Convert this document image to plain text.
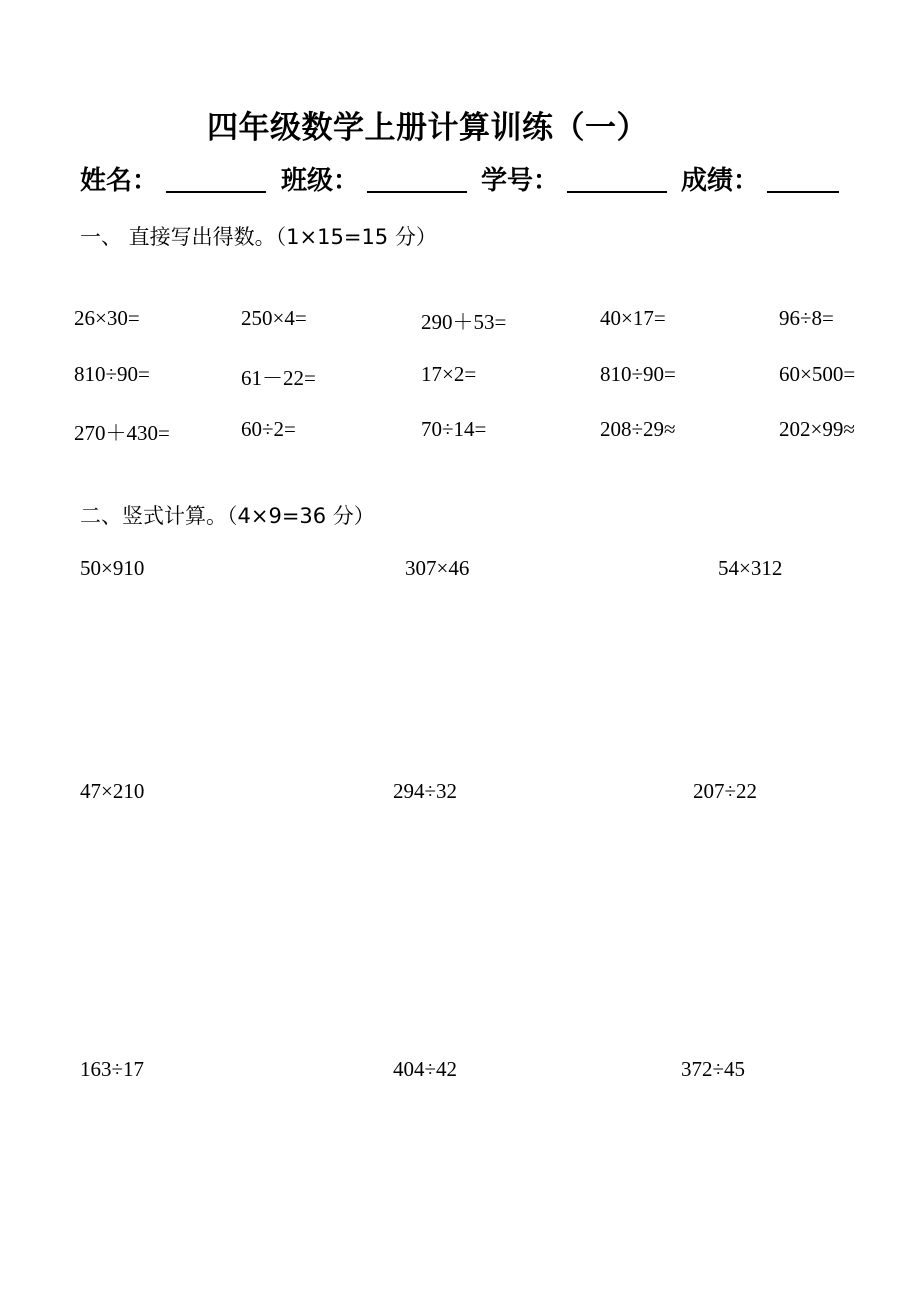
四年级数学上册计算训练（一）
姓名：	班级：	学号：	成绩：
一、 直接写出得数。（1×15=15 分）
26×30=	250×4=	290＋53=	40×17=	96÷8=
810÷90=	61－22=	17×2=	810÷90=	60×500=
270＋430=	60÷2=	70÷14=	208÷29≈	202×99≈
二、竖式计算。（4×9=36 分）
50×910	307×46	54×312
47×210	294÷32	207÷22
163÷17	404÷42	372÷45
